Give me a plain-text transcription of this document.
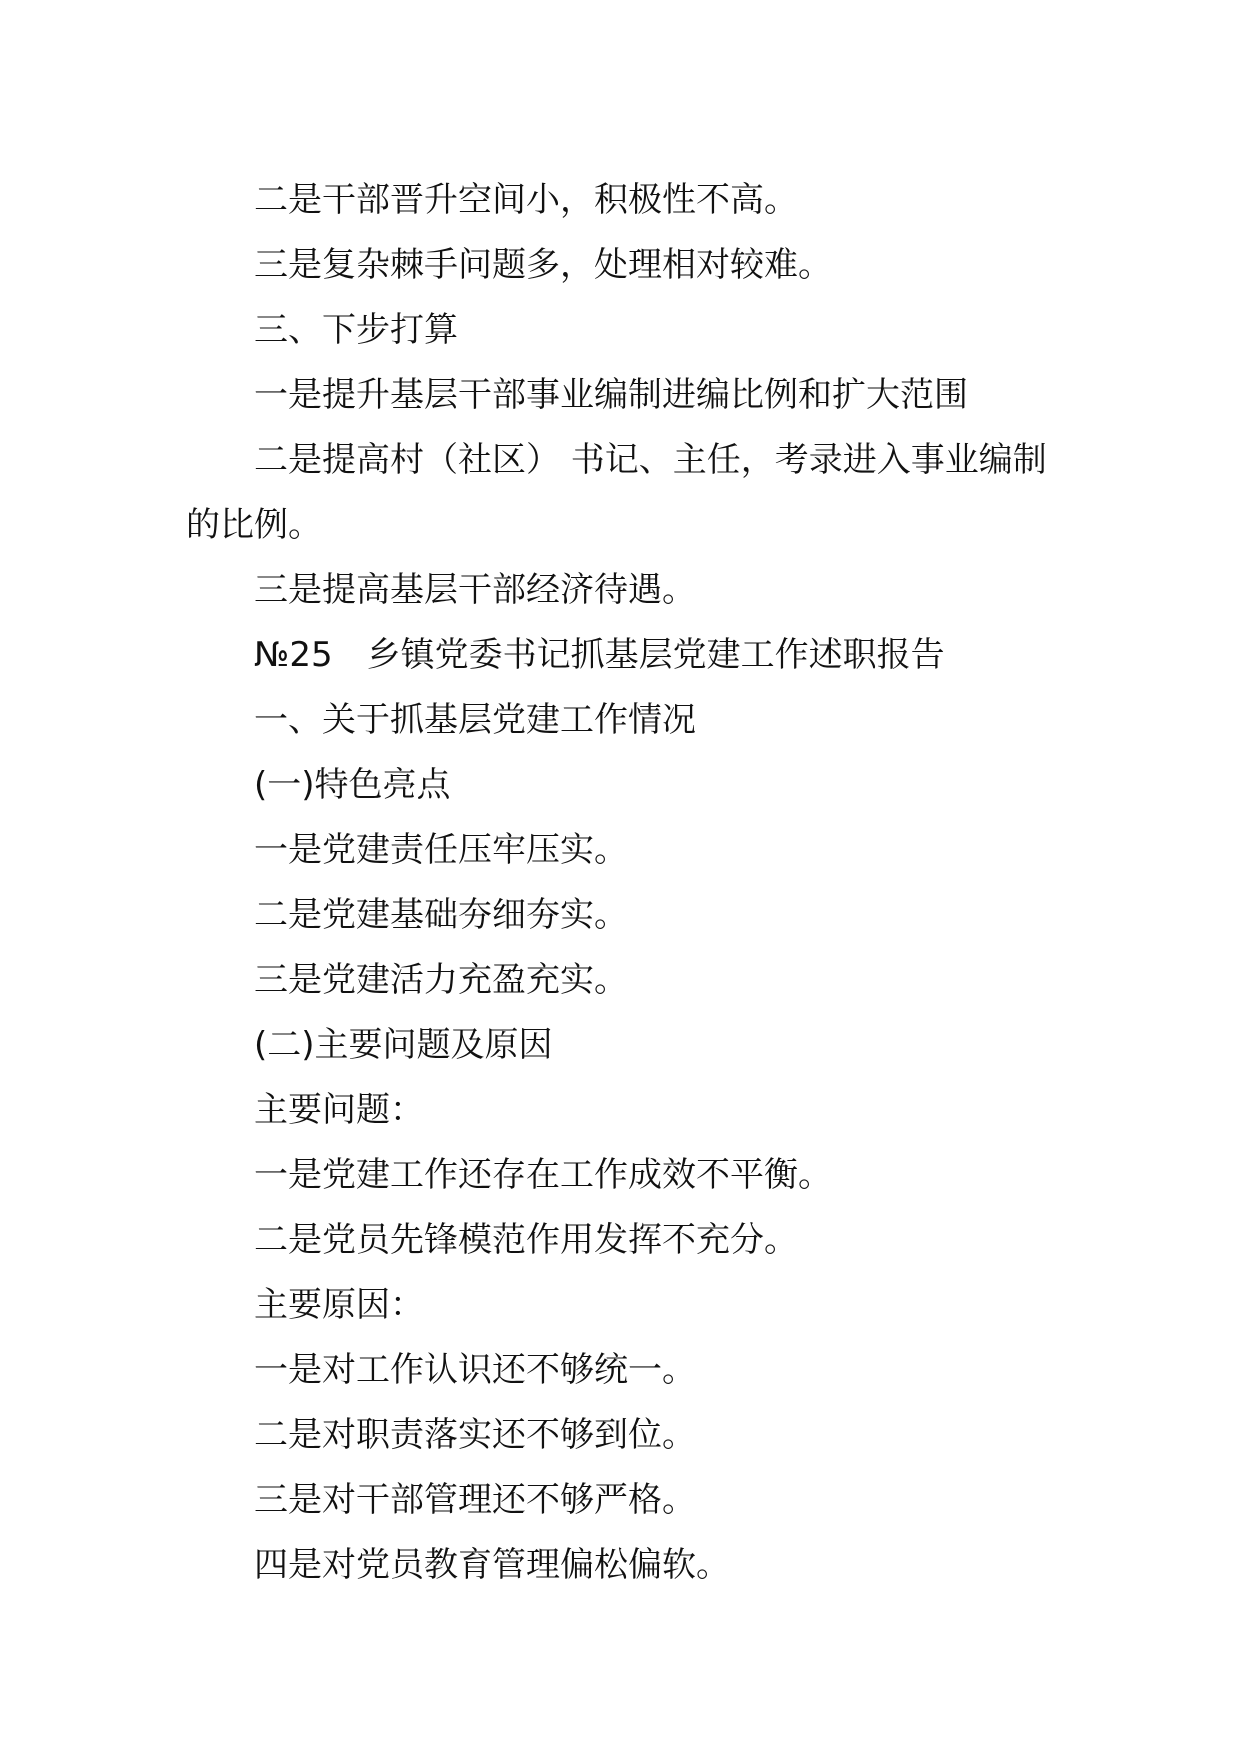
二是干部晋升空间小，积极性不高。

三是复杂棘手问题多，处理相对较难。

三、下步打算

一是提升基层干部事业编制进编比例和扩大范围

二是提高村（社区） 书记、主任，考录进入事业编制的比例。

三是提高基层干部经济待遇。

№25　乡镇党委书记抓基层党建工作述职报告

一、关于抓基层党建工作情况

(一)特色亮点

一是党建责任压牢压实。

二是党建基础夯细夯实。

三是党建活力充盈充实。

(二)主要问题及原因

主要问题：

一是党建工作还存在工作成效不平衡。

二是党员先锋模范作用发挥不充分。

主要原因：

一是对工作认识还不够统一。

二是对职责落实还不够到位。

三是对干部管理还不够严格。

四是对党员教育管理偏松偏软。
